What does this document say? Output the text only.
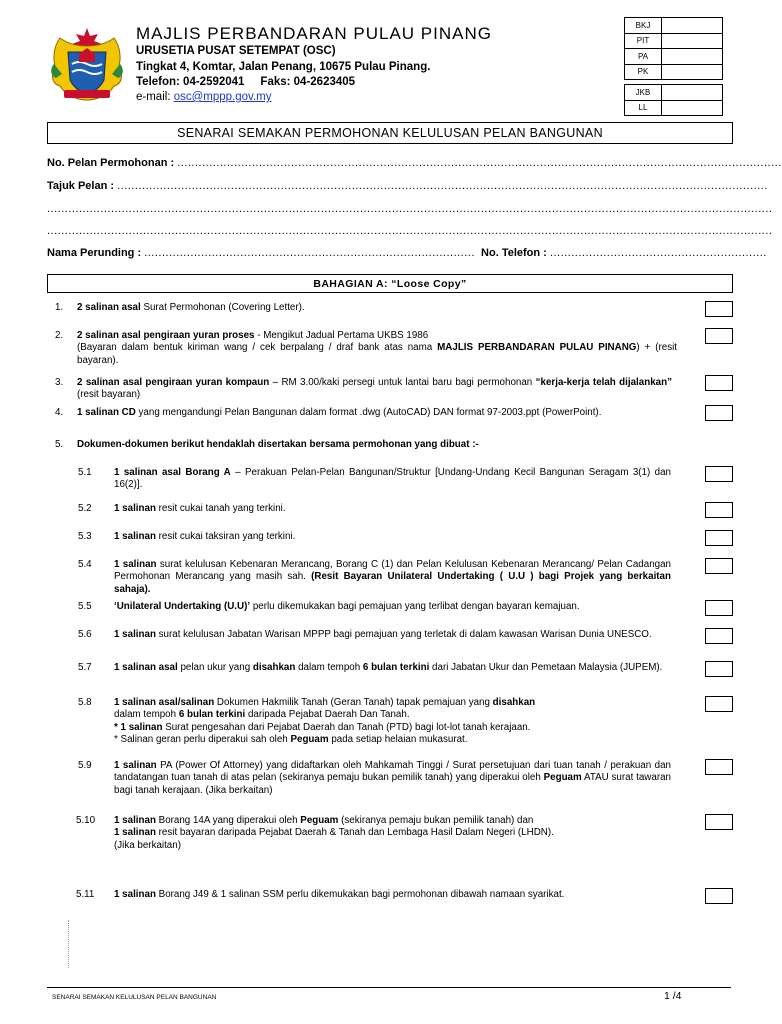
MAJLIS PERBANDARAN PULAU PINANG
URUSETIA PUSAT SETEMPAT (OSC)
Tingkat 4, Komtar, Jalan Penang, 10675 Pulau Pinang.
Telefon: 04-2592041     Faks: 04-2623405
e-mail: osc@mppp.gov.my
BKJ
PIT
PA
PK
JKB
LL
SENARAI SEMAKAN PERMOHONAN KELULUSAN PELAN BANGUNAN
No. Pelan Permohonan : ..........................................................................................................................................................................
Tajuk Pelan : .......................................................................................................................................................................................
............................................................................................................................................................................................................
............................................................................................................................................................................................................
Nama Perunding : ............................................................................................. No. Telefon : .............................................................
BAHAGIAN A: “Loose Copy”
1. 2 salinan asal Surat Permohonan (Covering Letter).
2. 2 salinan asal pengiraan yuran proses - Mengikut Jadual Pertama UKBS 1986
(Bayaran dalam bentuk kiriman wang / cek berpalang / draf bank atas nama MAJLIS PERBANDARAN PULAU PINANG) + (resit bayaran).
3. 2 salinan asal pengiraan yuran kompaun – RM 3.00/kaki persegi untuk lantai baru bagi permohonan “kerja-kerja telah dijalankan” (resit bayaran)
4. 1 salinan CD yang mengandungi Pelan Bangunan dalam format .dwg (AutoCAD) DAN format 97-2003.ppt (PowerPoint).
5. Dokumen-dokumen berikut hendaklah disertakan bersama permohonan yang dibuat :-
5.1 1 salinan asal Borang A – Perakuan Pelan-Pelan Bangunan/Struktur [Undang-Undang Kecil Bangunan Seragam 3(1) dan 16(2)].
5.2 1 salinan resit cukai tanah yang terkini.
5.3 1 salinan resit cukai taksiran yang terkini.
5.4 1 salinan surat kelulusan Kebenaran Merancang, Borang C (1) dan Pelan Kelulusan Kebenaran Merancang/ Pelan Cadangan Permohonan Merancang yang masih sah. (Resit Bayaran Unilateral Undertaking ( U.U ) bagi Projek yang berkaitan sahaja).
5.5 ‘Unilateral Undertaking (U.U)’ perlu dikemukakan bagi pemajuan yang terlibat dengan bayaran kemajuan.
5.6 1 salinan surat kelulusan Jabatan Warisan MPPP bagi pemajuan yang terletak di dalam kawasan Warisan Dunia UNESCO.
5.7 1 salinan asal pelan ukur yang disahkan dalam tempoh 6 bulan terkini dari Jabatan Ukur dan Pemetaan Malaysia (JUPEM).
5.8 1 salinan asal/salinan Dokumen Hakmilik Tanah (Geran Tanah) tapak pemajuan yang disahkan
dalam tempoh 6 bulan terkini daripada Pejabat Daerah Dan Tanah.
* 1 salinan Surat pengesahan dari Pejabat Daerah dan Tanah (PTD) bagi lot-lot tanah kerajaan.
* Salinan geran perlu diperakui sah oleh Peguam pada setiap helaian mukasurat.
5.9 1 salinan PA (Power Of Attorney) yang didaftarkan oleh Mahkamah Tinggi / Surat persetujuan dari tuan tanah / perakuan dan tandatangan tuan tanah di atas pelan (sekiranya pemaju bukan pemilik tanah) yang diperakui oleh Peguam ATAU surat tawaran bagi tanah kerajaan. (Jika berkaitan)
5.10 1 salinan Borang 14A yang diperakui oleh Peguam (sekiranya pemaju bukan pemilik tanah) dan
1 salinan resit bayaran daripada Pejabat Daerah & Tanah dan Lembaga Hasil Dalam Negeri (LHDN).
(Jika berkaitan)
5.11 1 salinan Borang J49 & 1 salinan SSM perlu dikemukakan bagi permohonan dibawah namaan syarikat.
SENARAI SEMAKAN KELULUSAN PELAN BANGUNAN	1 /4
